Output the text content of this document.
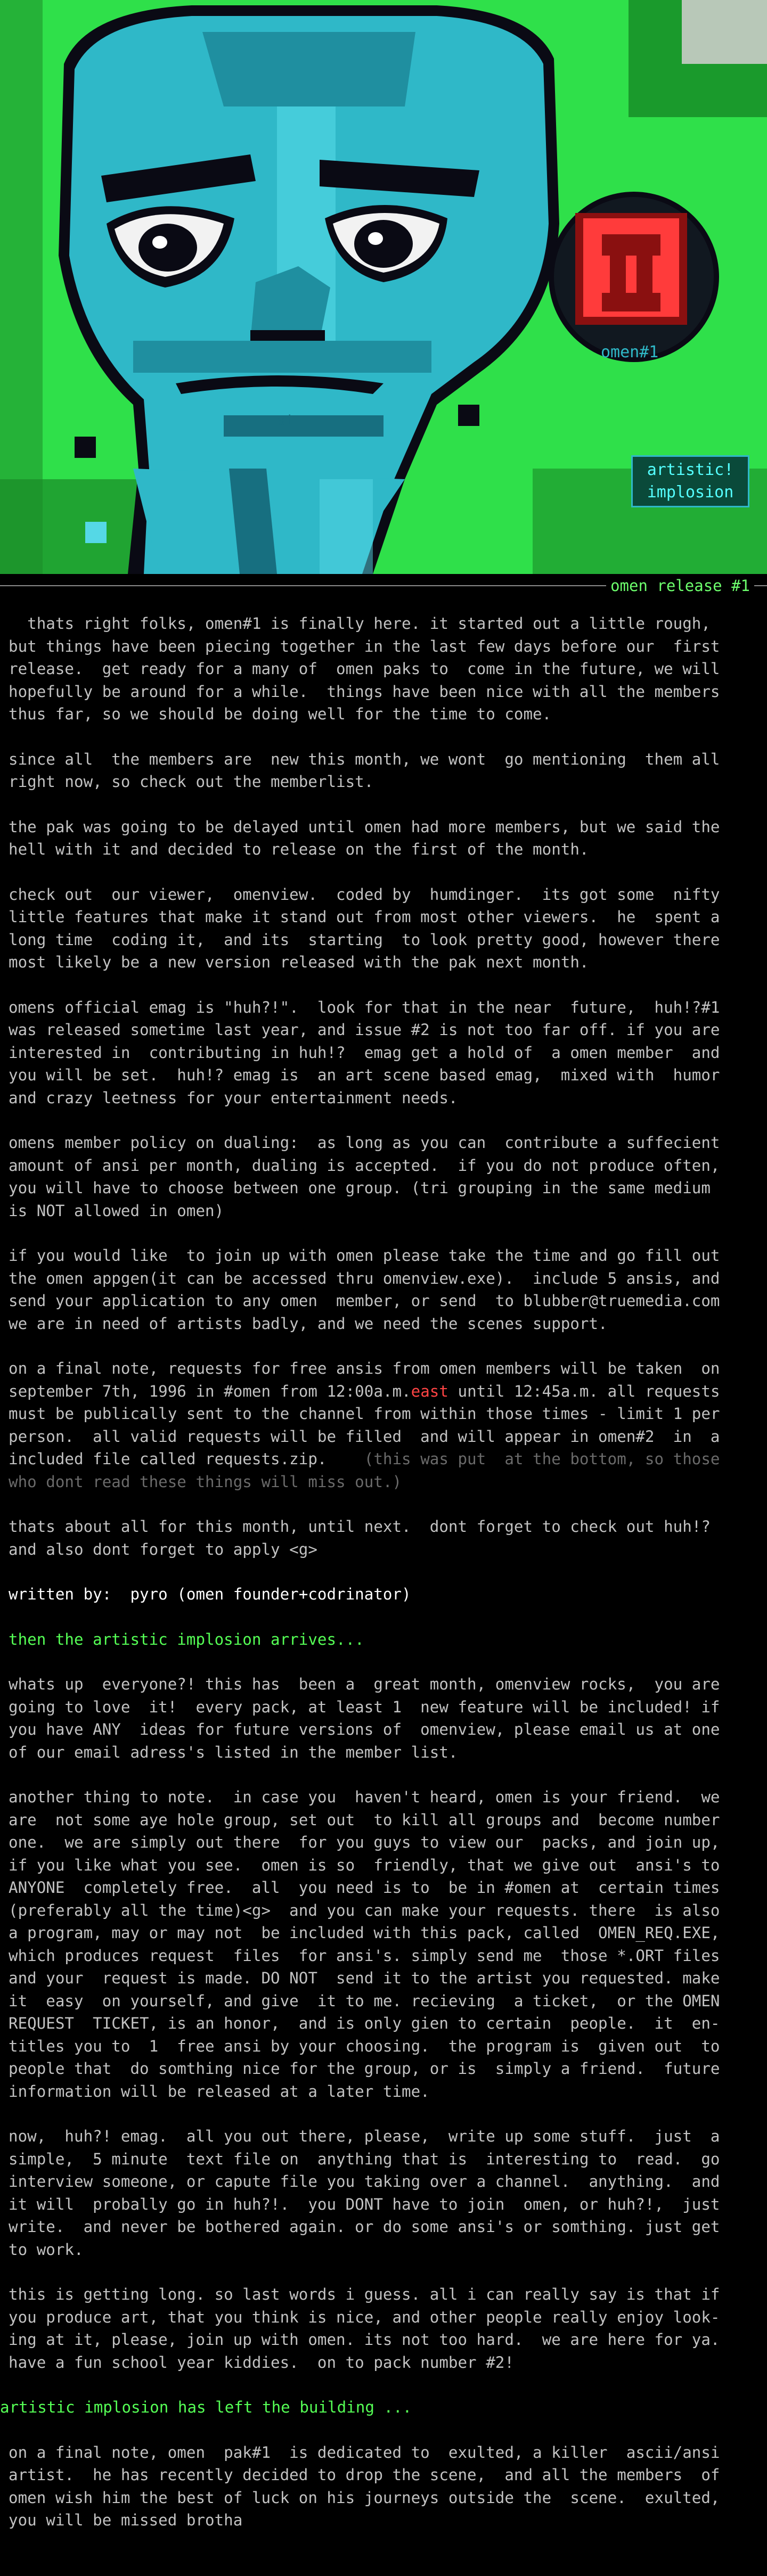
omen#1
ai
artistic!
implosion
omen release #1
thats right folks, omen#1 is finally here. it started out a little rough,
but things have been piecing together in the last few days before our  first
release.  get ready for a many of  omen paks to  come in the future, we will
hopefully be around for a while.  things have been nice with all the members
thus far, so we should be doing well for the time to come.
since all  the members are  new this month, we wont  go mentioning  them all
right now, so check out the memberlist.
the pak was going to be delayed until omen had more members, but we said the
hell with it and decided to release on the first of the month.
check out  our viewer,  omenview.  coded by  humdinger.  its got some  nifty
little features that make it stand out from most other viewers.  he  spent a
long time  coding it,  and its  starting  to look pretty good, however there
most likely be a new version released with the pak next month.
omens official emag is "huh?!".  look for that in the near  future,  huh!?#1
was released sometime last year, and issue #2 is not too far off. if you are
interested in  contributing in huh!?  emag get a hold of  a omen member  and
you will be set.  huh!? emag is  an art scene based emag,  mixed with  humor
and crazy leetness for your entertainment needs.
omens member policy on dualing:  as long as you can  contribute a suffecient
amount of ansi per month, dualing is accepted.  if you do not produce often,
you will have to choose between one group. (tri grouping in the same medium
is NOT allowed in omen)
if you would like  to join up with omen please take the time and go fill out
the omen appgen(it can be accessed thru omenview.exe).  include 5 ansis, and
send your application to any omen  member, or send  to blubber@truemedia.com
we are in need of artists badly, and we need the scenes support.
on a final note, requests for free ansis from omen members will be taken  on
september 7th, 1996 in #omen from 12:00a.m.east until 12:45a.m. all requests
must be publically sent to the channel from within those times - limit 1 per
person.  all valid requests will be filled  and will appear in omen#2  in  a
included file called requests.zip.    (this was put  at the bottom, so those
who dont read these things will miss out.)
thats about all for this month, until next.  dont forget to check out huh!?
and also dont forget to apply <g>
written by:  pyro (omen founder+codrinator)
then the artistic implosion arrives...
whats up  everyone?! this has  been a  great month, omenview rocks,  you are
going to love  it!  every pack, at least 1  new feature will be included! if
you have ANY  ideas for future versions of  omenview, please email us at one
of our email adress's listed in the member list.
another thing to note.  in case you  haven't heard, omen is your friend.  we
are  not some aye hole group, set out  to kill all groups and  become number
one.  we are simply out there  for you guys to view our  packs, and join up,
if you like what you see.  omen is so  friendly, that we give out  ansi's to
ANYONE  completely free.  all  you need is to  be in #omen at  certain times
(preferably all the time)<g>  and you can make your requests. there  is also
a program, may or may not  be included with this pack, called  OMEN_REQ.EXE,
which produces request  files  for ansi's. simply send me  those *.ORT files
and your  request is made. DO NOT  send it to the artist you requested. make
it  easy  on yourself, and give  it to me. recieving  a ticket,  or the OMEN
REQUEST  TICKET, is an honor,  and is only gien to certain  people.  it  en-
titles you to  1  free ansi by your choosing.  the program is  given out  to
people that  do somthing nice for the group, or is  simply a friend.  future
information will be released at a later time.
now,  huh?! emag.  all you out there, please,  write up some stuff.  just  a
simple,  5 minute  text file on  anything that is  interesting to  read.  go
interview someone, or capute file you taking over a channel.  anything.  and
it will  probally go in huh?!.  you DONT have to join  omen, or huh?!,  just
write.  and never be bothered again. or do some ansi's or somthing. just get
to work.
this is getting long. so last words i guess. all i can really say is that if
you produce art, that you think is nice, and other people really enjoy look-
ing at it, please, join up with omen. its not too hard.  we are here for ya.
have a fun school year kiddies.  on to pack number #2!
artistic implosion has left the building ...
on a final note, omen  pak#1  is dedicated to  exulted, a killer  ascii/ansi
artist.  he has recently decided to drop the scene,  and all the members  of
omen wish him the best of luck on his journeys outside the  scene.  exulted,
you will be missed brotha
